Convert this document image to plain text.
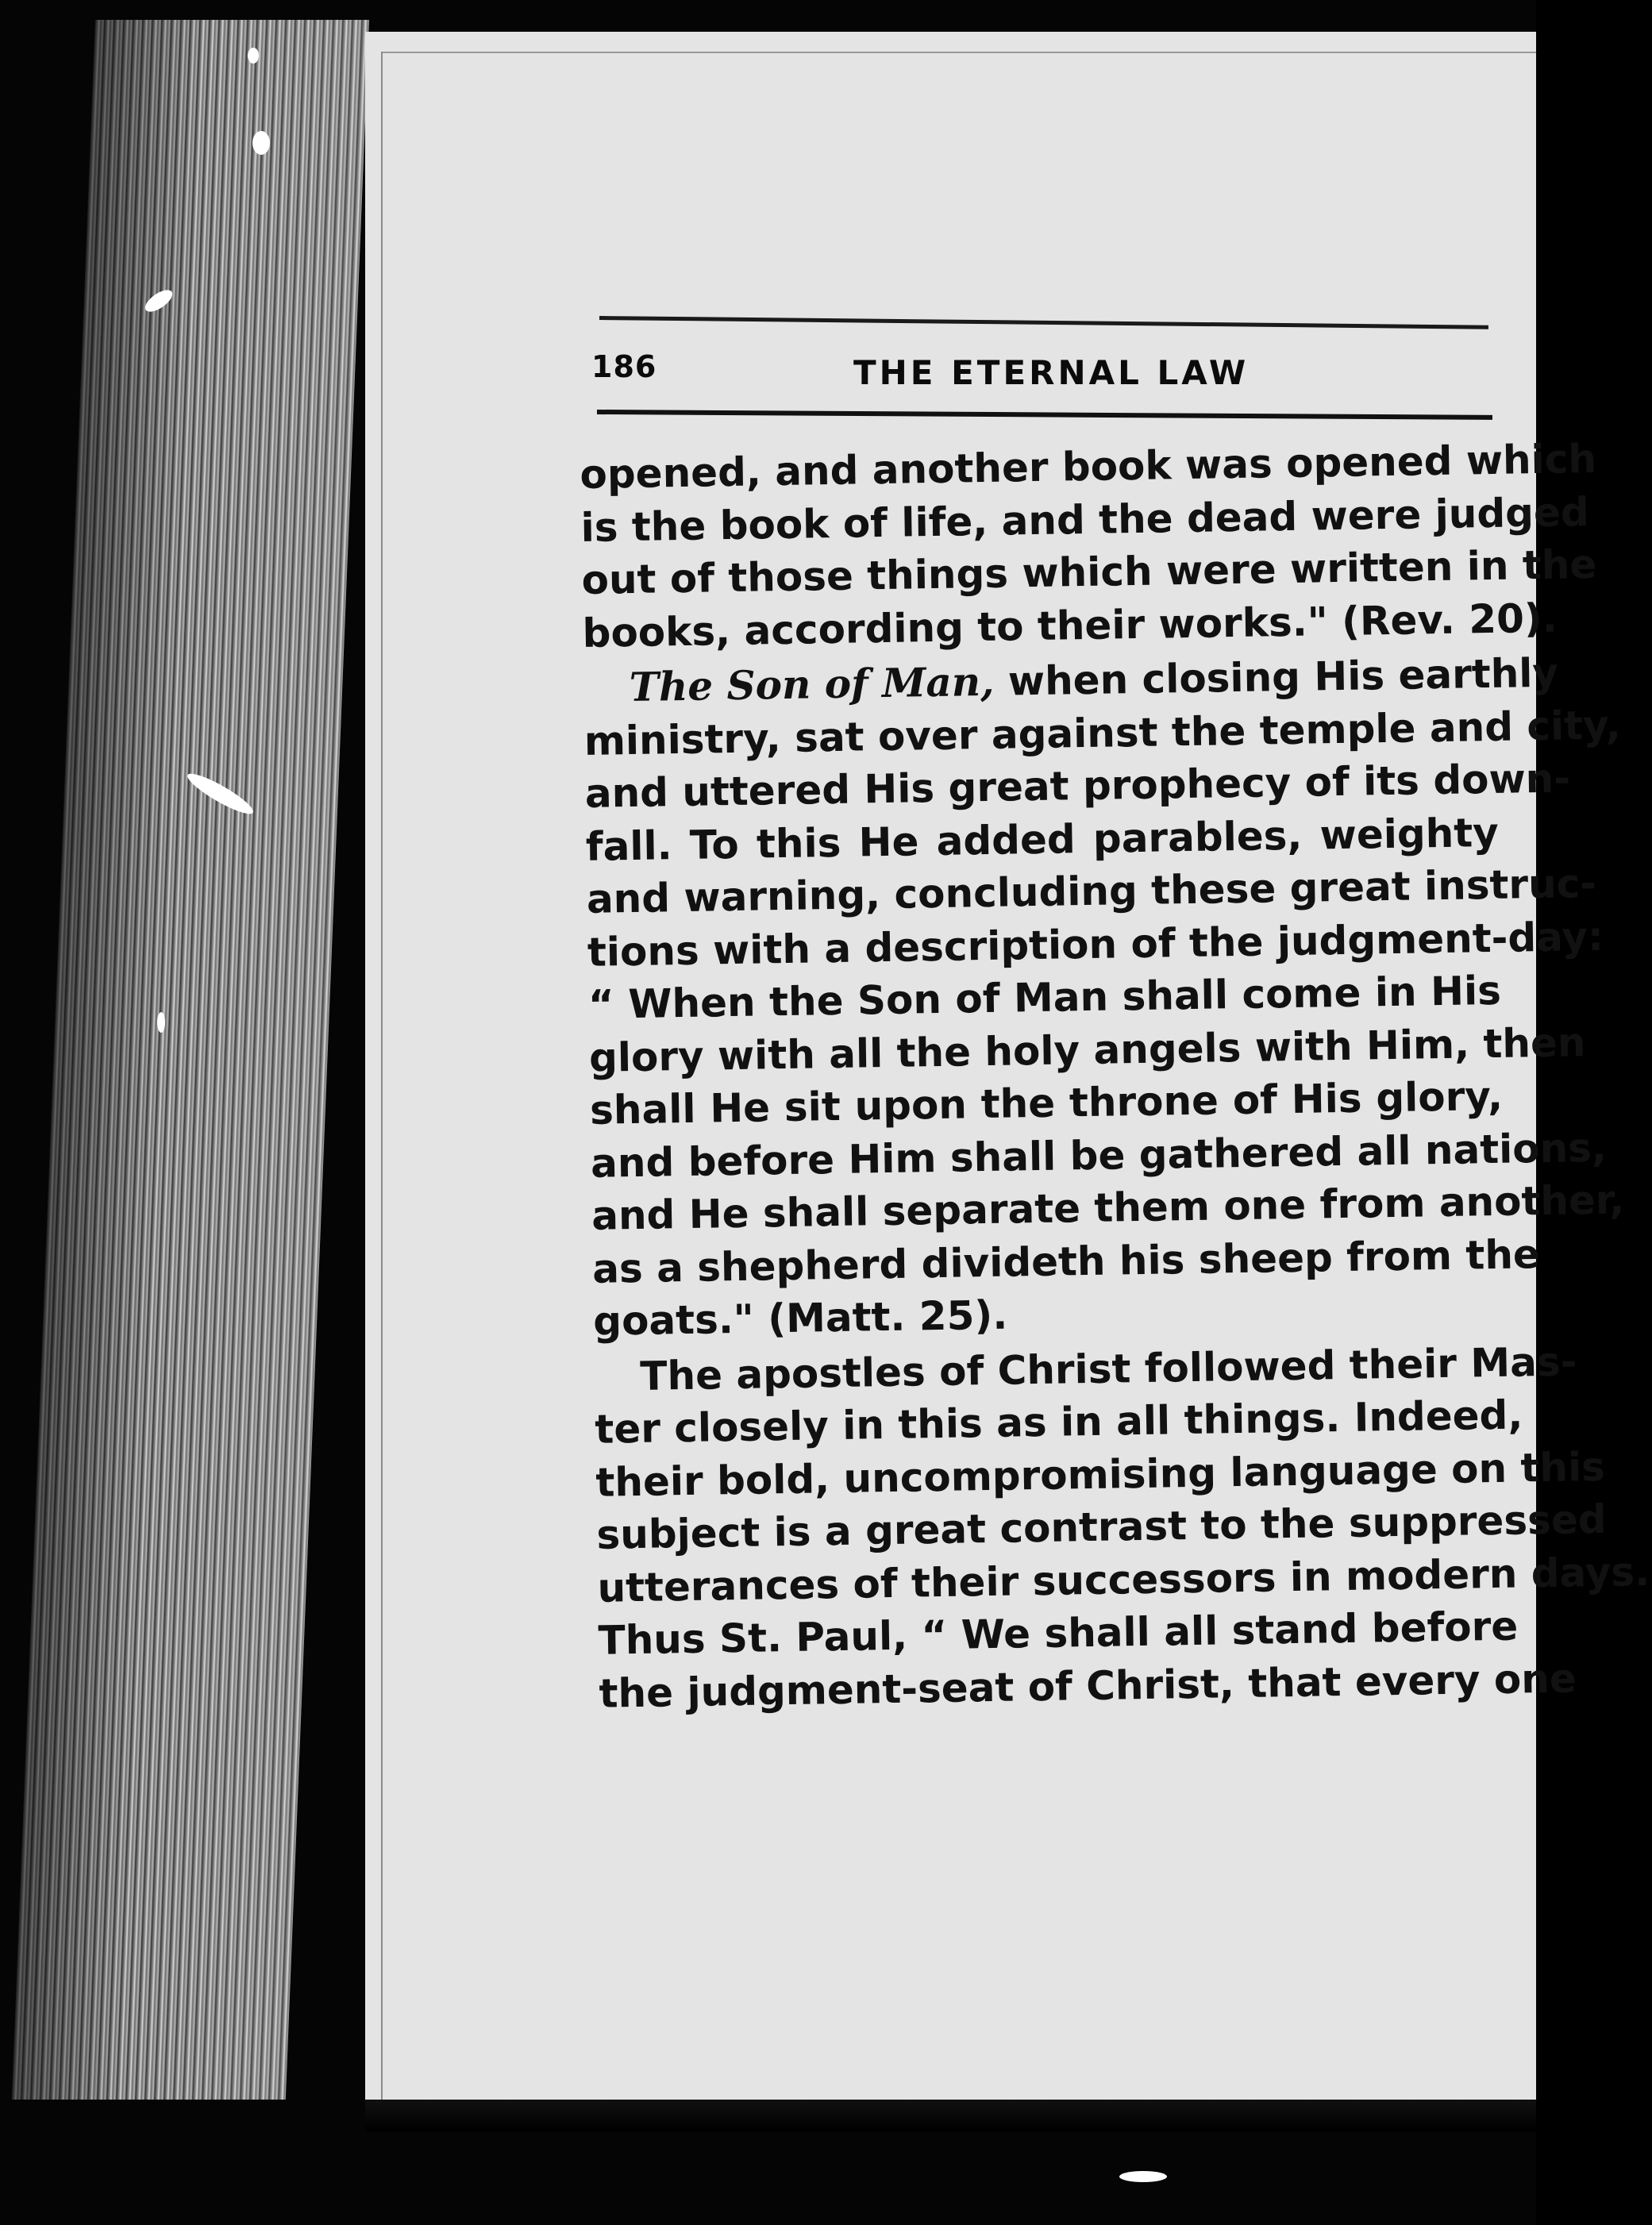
186	THE ETERNAL LAW
opened, and another book was opened which
is the book of life, and the dead were judged
out of those things which were written in the
books, according to their works." (Rev. 20).
The Son of Man, when closing His earthly
ministry, sat over against the temple and city,
and uttered His great prophecy of its down-
fall. To this He added parables, weighty
and warning, concluding these great instruc-
tions with a description of the judgment-day:
“ When the Son of Man shall come in His
glory with all the holy angels with Him, then
shall He sit upon the throne of His glory,
and before Him shall be gathered all nations,
and He shall separate them one from another,
as a shepherd divideth his sheep from the
goats." (Matt. 25).
The apostles of Christ followed their Mas-
ter closely in this as in all things. Indeed,
their bold, uncompromising language on this
subject is a great contrast to the suppressed
utterances of their successors in modern days.
Thus St. Paul, “ We shall all stand before
the judgment-seat of Christ, that every one
